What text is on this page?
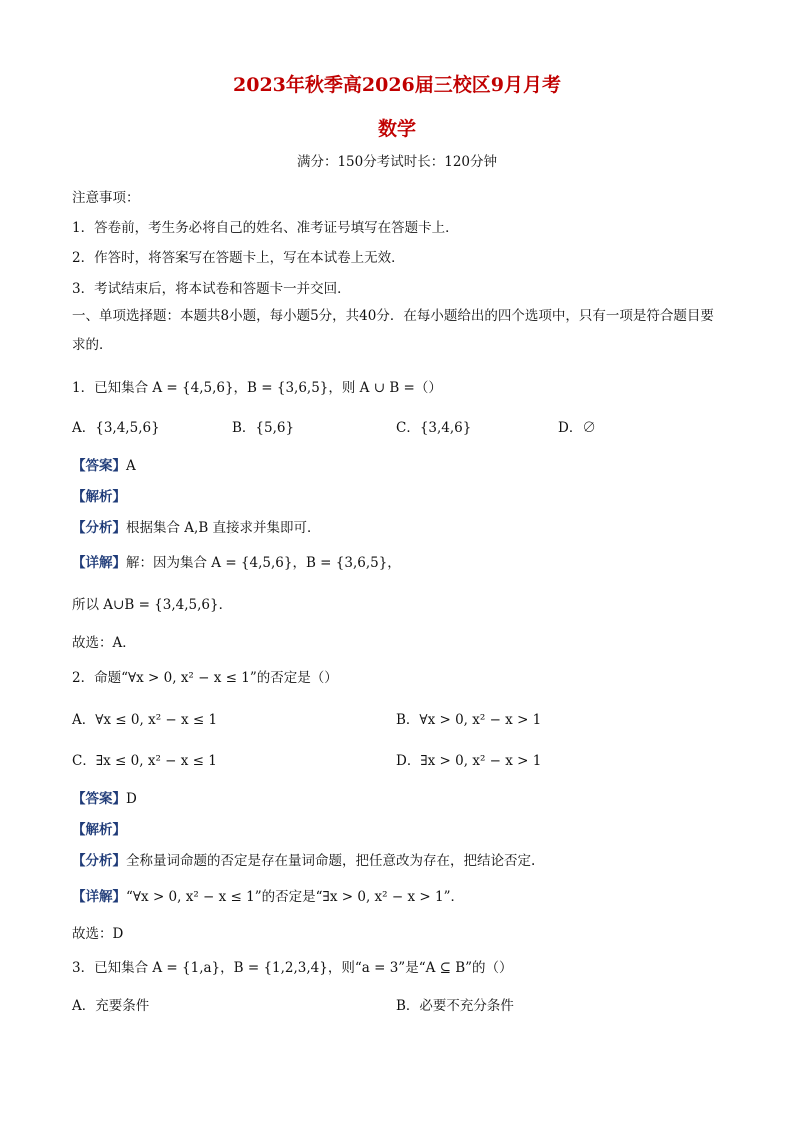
2023年秋季高2026届三校区9月月考
数学
满分：150分考试时长：120分钟
注意事项：
1．答卷前，考生务必将自己的姓名、准考证号填写在答题卡上．
2．作答时，将答案写在答题卡上，写在本试卷上无效．
3．考试结束后，将本试卷和答题卡一并交回．
一、单项选择题：本题共8小题，每小题5分，共40分．在每小题给出的四个选项中，只有一项是符合题目要求的．
1．已知集合 A = {4,5,6}，B = {3,6,5}，则 A ∪ B =（）
A．{3,4,5,6}	B．{5,6}	C．{3,4,6}	D．∅
【答案】A
【解析】
【分析】根据集合 A,B 直接求并集即可．
【详解】解：因为集合 A = {4,5,6}，B = {3,6,5}，
所以 A∪B = {3,4,5,6}．
故选：A．
2．命题“∀x > 0, x² − x ≤ 1”的否定是（）
A．∀x ≤ 0, x² − x ≤ 1	B．∀x > 0, x² − x > 1
C．∃x ≤ 0, x² − x ≤ 1	D．∃x > 0, x² − x > 1
【答案】D
【解析】
【分析】全称量词命题的否定是存在量词命题，把任意改为存在，把结论否定.
【详解】“∀x > 0, x² − x ≤ 1”的否定是“∃x > 0, x² − x > 1”．
故选：D
3．已知集合 A = {1,a}，B = {1,2,3,4}，则“a = 3”是“A ⊆ B”的（）
A．充要条件	B．必要不充分条件
